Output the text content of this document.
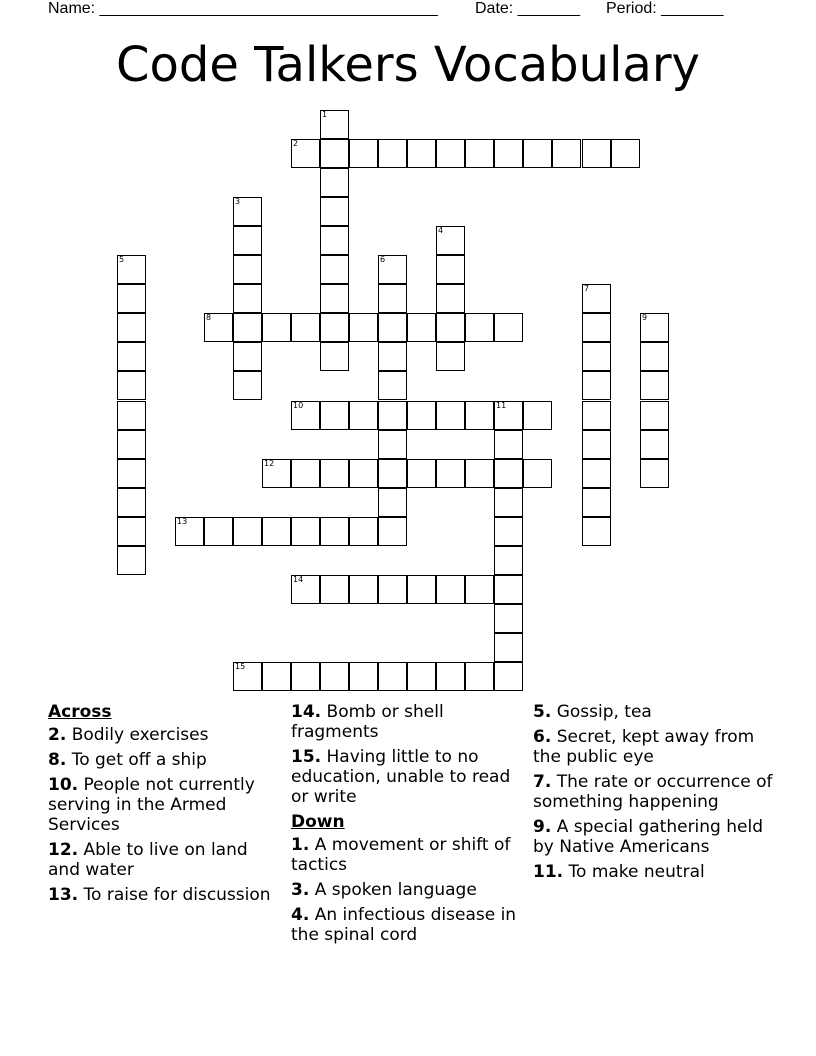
Name: ______________________________________

Date: _______

Period: _______

Code Talkers Vocabulary
1
2
3
4
5	6
7
8	9
10	11
12
13
14
15
Across
2. Bodily exercises
8. To get off a ship
10. People not currently serving in the Armed Services
12. Able to live on land and water
13. To raise for discussion
14. Bomb or shell fragments
15. Having little to no education, unable to read or write
Down
1. A movement or shift of tactics
3. A spoken language
4. An infectious disease in the spinal cord
5. Gossip, tea
6. Secret, kept away from the public eye
7. The rate or occurrence of something happening
9. A special gathering held by Native Americans
11. To make neutral
